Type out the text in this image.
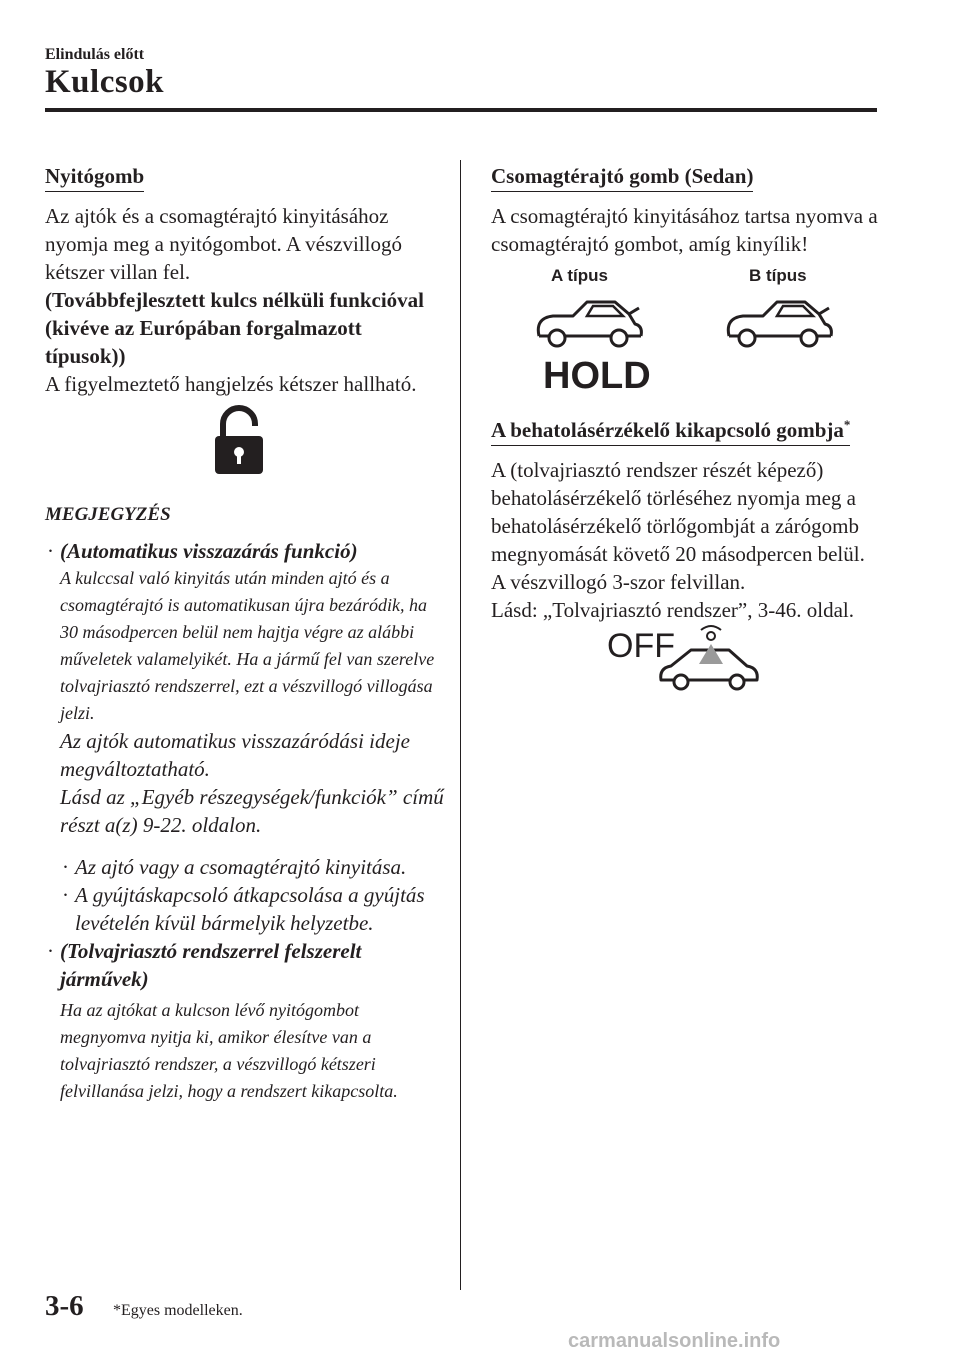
Elindulás előtt
Kulcsok
Nyitógomb

Az ajtók és a csomagtérajtó kinyitásához nyomja meg a nyitógombot. A vészvillogó kétszer villan fel.

(Továbbfejlesztett kulcs nélküli funkcióval (kivéve az Európában forgalmazott típusok))

A figyelmeztető hangjelzés kétszer hallható.

MEGJEGYZÉS
· (Automatikus visszazárás funkció)
A kulccsal való kinyitás után minden ajtó és a csomagtérajtó is automatikusan újra bezáródik, ha 30 másodpercen belül nem hajtja végre az alábbi műveletek valamelyikét. Ha a jármű fel van szerelve tolvajriasztó rendszerrel, ezt a vészvillogó villogása jelzi.
Az ajtók automatikus visszazáródási ideje megváltoztatható.
Lásd az „Egyéb részegységek/funkciók” című részt a(z) 9-22. oldalon.
· Az ajtó vagy a csomagtérajtó kinyitása.
· A gyújtáskapcsoló átkapcsolása a gyújtás levételén kívül bármelyik helyzetbe.
· (Tolvajriasztó rendszerrel felszerelt járművek)
Ha az ajtókat a kulcson lévő nyitógombot megnyomva nyitja ki, amikor élesítve van a tolvajriasztó rendszer, a vészvillogó kétszeri felvillanása jelzi, hogy a rendszert kikapcsolta.
Csomagtérajtó gomb (Sedan)

A csomagtérajtó kinyitásához tartsa nyomva a csomagtérajtó gombot, amíg kinyílik!

A típus	B típus
HOLD
A behatolásérzékelő kikapcsoló gombja*

A (tolvajriasztó rendszer részét képező) behatolásérzékelő törléséhez nyomja meg a behatolásérzékelő törlőgombját a zárógomb megnyomását követő 20 másodpercen belül. A vészvillogó 3-szor felvillan.

Lásd: „Tolvajriasztó rendszer”, 3-46. oldal.

OFF
3-6 *Egyes modelleken.
carmanualsonline.info
